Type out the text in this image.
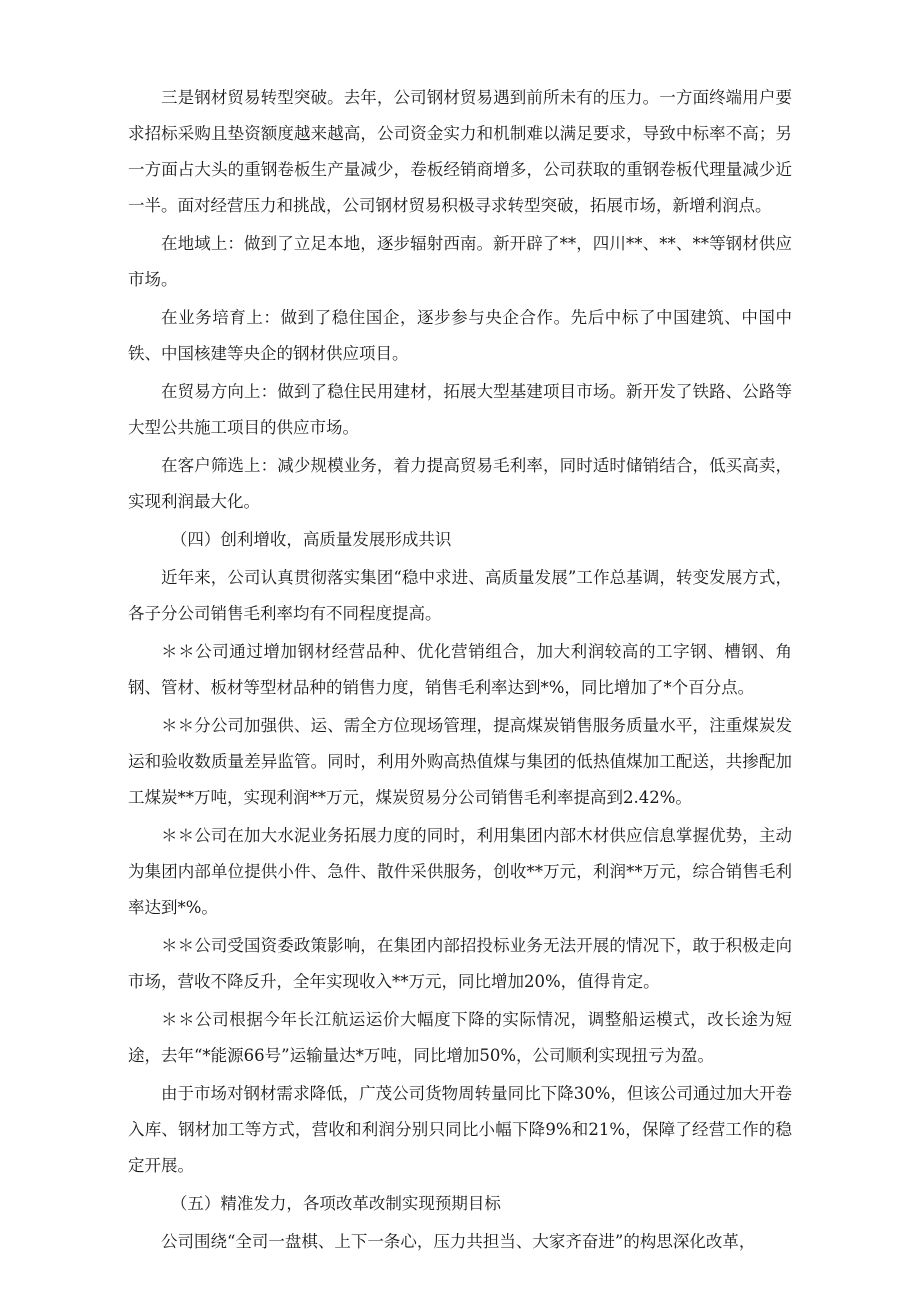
三是钢材贸易转型突破。去年，公司钢材贸易遇到前所未有的压力。一方面终端用户要求招标采购且垫资额度越来越高，公司资金实力和机制难以满足要求，导致中标率不高；另一方面占大头的重钢卷板生产量减少，卷板经销商增多，公司获取的重钢卷板代理量减少近一半。面对经营压力和挑战，公司钢材贸易积极寻求转型突破，拓展市场，新增利润点。

在地域上：做到了立足本地，逐步辐射西南。新开辟了**，四川**、**、**等钢材供应市场。

在业务培育上：做到了稳住国企，逐步参与央企合作。先后中标了中国建筑、中国中铁、中国核建等央企的钢材供应项目。

在贸易方向上：做到了稳住民用建材，拓展大型基建项目市场。新开发了铁路、公路等大型公共施工项目的供应市场。

在客户筛选上：减少规模业务，着力提高贸易毛利率，同时适时储销结合，低买高卖，实现利润最大化。

（四）创利增收，高质量发展形成共识

近年来，公司认真贯彻落实集团“稳中求进、高质量发展”工作总基调，转变发展方式，各子分公司销售毛利率均有不同程度提高。

＊＊公司通过增加钢材经营品种、优化营销组合，加大利润较高的工字钢、槽钢、角钢、管材、板材等型材品种的销售力度，销售毛利率达到*%，同比增加了*个百分点。

＊＊分公司加强供、运、需全方位现场管理，提高煤炭销售服务质量水平，注重煤炭发运和验收数质量差异监管。同时，利用外购高热值煤与集团的低热值煤加工配送，共掺配加工煤炭**万吨，实现利润**万元，煤炭贸易分公司销售毛利率提高到2.42%。

＊＊公司在加大水泥业务拓展力度的同时，利用集团内部木材供应信息掌握优势，主动为集团内部单位提供小件、急件、散件采供服务，创收**万元，利润**万元，综合销售毛利率达到*%。

＊＊公司受国资委政策影响，在集团内部招投标业务无法开展的情况下，敢于积极走向市场，营收不降反升，全年实现收入**万元，同比增加20%，值得肯定。

＊＊公司根据今年长江航运运价大幅度下降的实际情况，调整船运模式，改长途为短途，去年“*能源66号”运输量达*万吨，同比增加50%，公司顺利实现扭亏为盈。

由于市场对钢材需求降低，广茂公司货物周转量同比下降30%，但该公司通过加大开卷入库、钢材加工等方式，营收和利润分别只同比小幅下降9%和21%，保障了经营工作的稳定开展。

（五）精准发力，各项改革改制实现预期目标

公司围绕“全司一盘棋、上下一条心，压力共担当、大家齐奋进”的构思深化改革，
